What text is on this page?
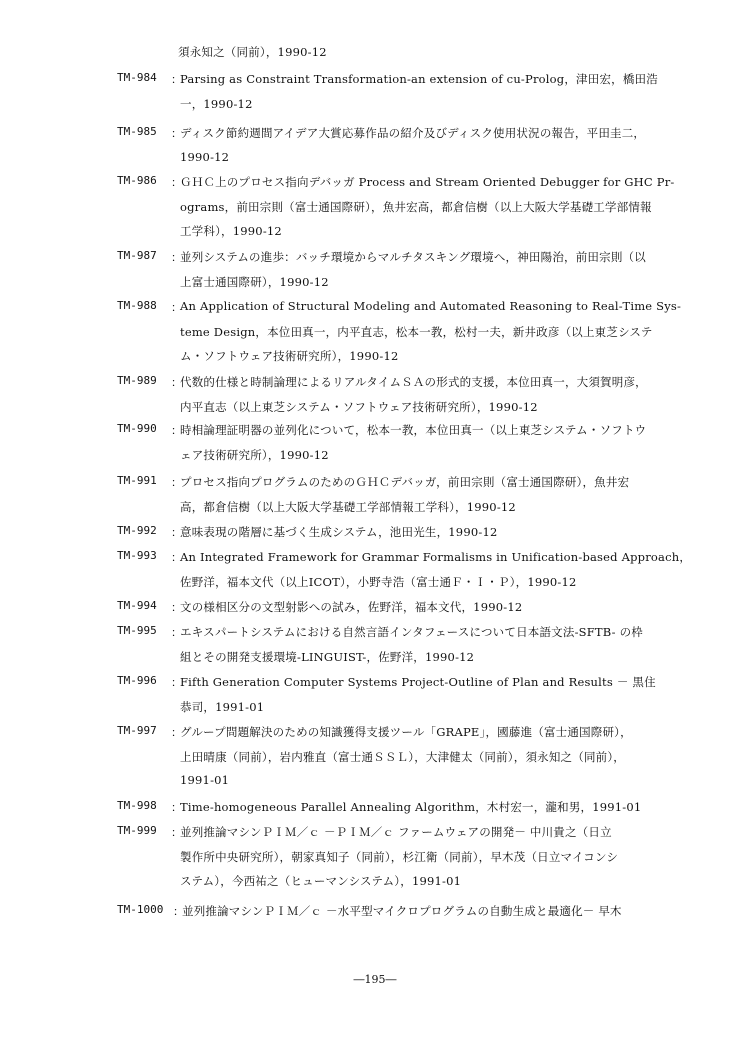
須永知之（同前），1990-12
TM-984	：
Parsing as Constraint Transformation-an extension of cu-Prolog，津田宏，橋田浩
一，1990-12
TM-985	：
ディスク節約週間アイデア大賞応募作品の紹介及びディスク使用状況の報告，平田圭二，
1990-12
TM-986	：
ＧＨＣ上のプロセス指向デバッガ Process and Stream Oriented Debugger for GHC Pr-
ograms，前田宗則（富士通国際研），魚井宏高，都倉信樹（以上大阪大学基礎工学部情報
工学科），1990-12
TM-987	：
並列システムの進歩：バッチ環境からマルチタスキング環境へ，神田陽治，前田宗則（以
上富士通国際研），1990-12
TM-988	：
An Application of Structural Modeling and Automated Reasoning to Real-Time Sys-
teme Design，本位田真一，内平直志，松本一教，松村一夫，新井政彦（以上東芝システ
ム・ソフトウェア技術研究所），1990-12
TM-989	：
代数的仕様と時制論理によるリアルタイムＳＡの形式的支援，本位田真一，大須賀明彦，
内平直志（以上東芝システム・ソフトウェア技術研究所），1990-12
TM-990	：
時相論理証明器の並列化について，松本一教，本位田真一（以上東芝システム・ソフトウ
ェア技術研究所），1990-12
TM-991	：
プロセス指向プログラムのためのＧＨＣデバッガ，前田宗則（富士通国際研），魚井宏
高，都倉信樹（以上大阪大学基礎工学部情報工学科），1990-12
TM-992	：
意味表現の階層に基づく生成システム，池田光生，1990-12
TM-993	：
An Integrated Framework for Grammar Formalisms in Unification-based Approach，
佐野洋，福本文代（以上ICOT），小野寺浩（富士通Ｆ・Ｉ・Ｐ），1990-12
TM-994	：
文の様相区分の文型射影への試み，佐野洋，福本文代，1990-12
TM-995	：
エキスパートシステムにおける自然言語インタフェースについて日本語文法-SFTB- の枠
組とその開発支援環境-LINGUIST-，佐野洋，1990-12
TM-996	：
Fifth Generation Computer Systems Project-Outline of Plan and Results － 黒住
恭司，1991-01
TM-997	：
グループ問題解決のための知識獲得支援ツール「GRAPE」，國藤進（富士通国際研），
上田晴康（同前），岩内雅直（富士通ＳＳＬ），大津健太（同前），須永知之（同前），
1991-01
TM-998	：
Time-homogeneous Parallel Annealing Algorithm，木村宏一，瀧和男，1991-01
TM-999	：
並列推論マシンＰＩＭ／ｃ －ＰＩＭ／ｃ ファームウェアの開発－ 中川貴之（日立
製作所中央研究所），朝家真知子（同前），杉江衛（同前），早木茂（日立マイコンシ
ステム），今西祐之（ヒューマンシステム），1991-01
TM-1000 ：
並列推論マシンＰＩＭ／ｃ －水平型マイクロプログラムの自動生成と最適化－ 早木
―195―
